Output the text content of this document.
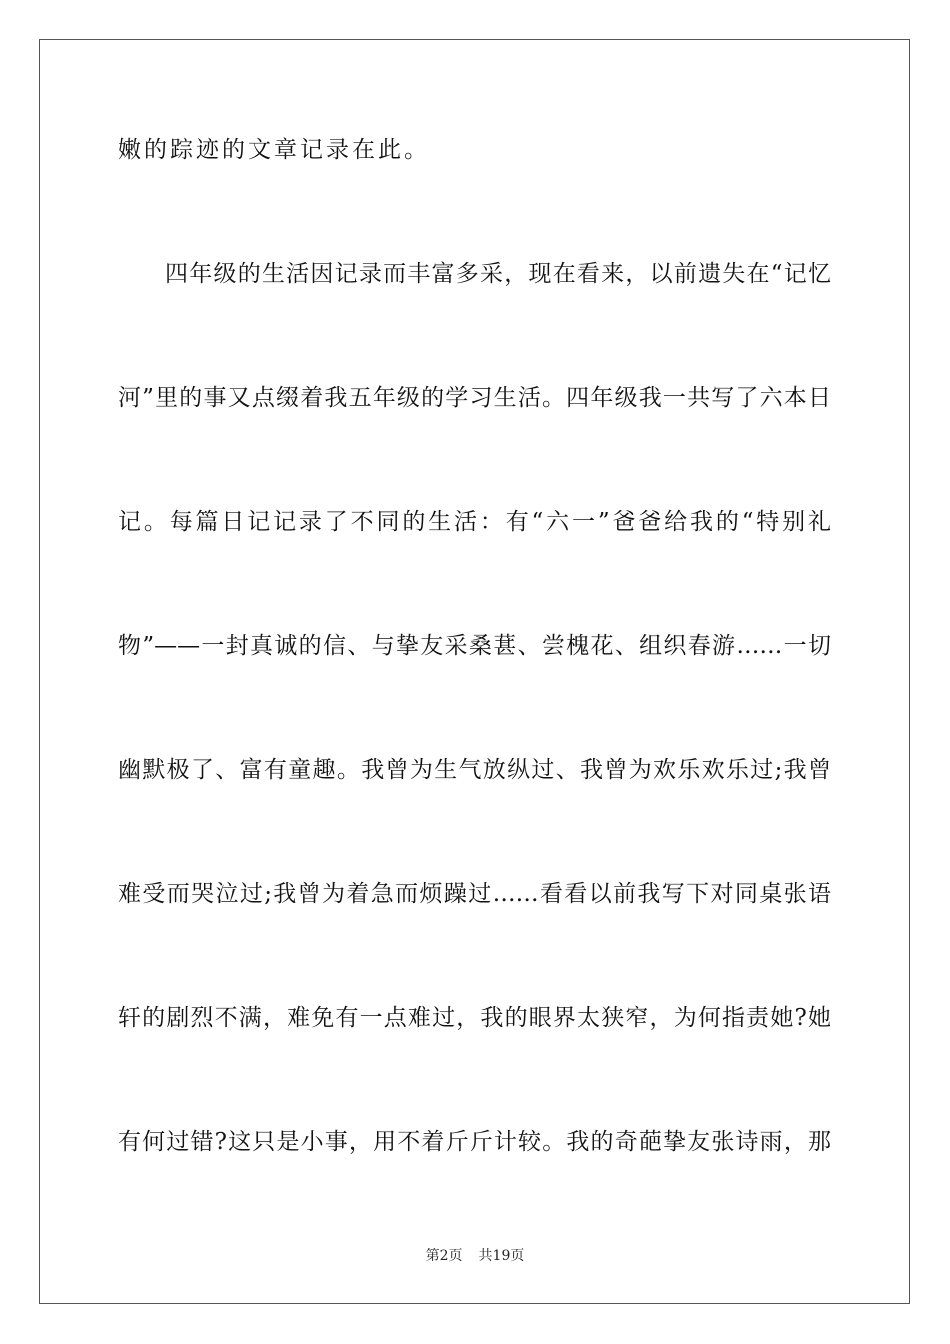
嫩的踪迹的文章记录在此。
四年级的生活因记录而丰富多采，现在看来，以前遗失在“记忆
河”里的事又点缀着我五年级的学习生活。四年级我一共写了六本日
记。每篇日记记录了不同的生活：有“六一”爸爸给我的“特别礼
物”——一封真诚的信、与挚友采桑葚、尝槐花、组织春游……一切
幽默极了、富有童趣。我曾为生气放纵过、我曾为欢乐欢乐过;我曾
难受而哭泣过;我曾为着急而烦躁过……看看以前我写下对同桌张语
轩的剧烈不满，难免有一点难过，我的眼界太狭窄，为何指责她?她
有何过错?这只是小事，用不着斤斤计较。我的奇葩挚友张诗雨，那
第2页 共19页
